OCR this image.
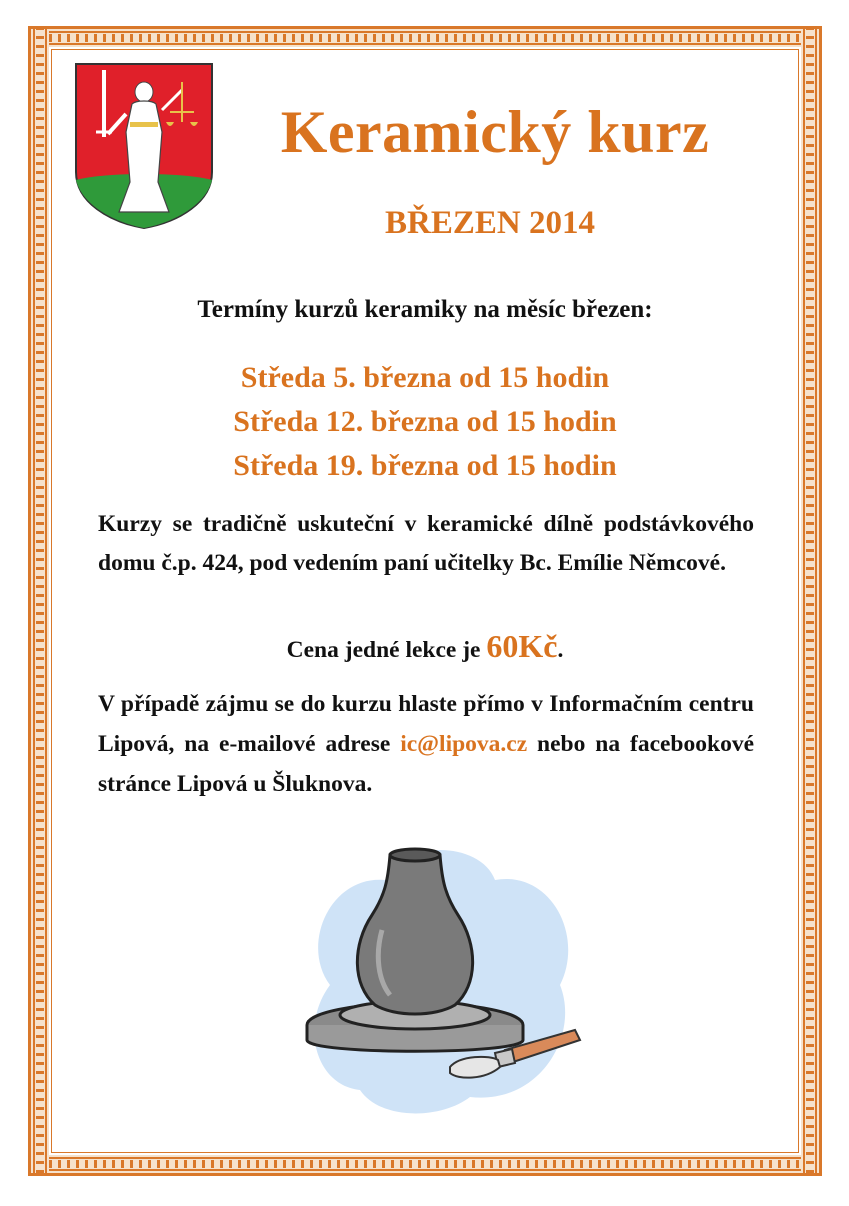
Keramický kurz
BŘEZEN 2014
Termíny kurzů keramiky na měsíc březen:
Středa 5. března od 15 hodin
Středa 12. března od 15 hodin
Středa 19. března od 15 hodin
Kurzy se tradičně uskuteční v keramické dílně podstávkového domu č.p. 424, pod vedením paní učitelky Bc. Emílie Němcové.
Cena jedné lekce je 60Kč.
V případě zájmu se do kurzu hlaste přímo v Informačním centru Lipová, na e-mailové adrese ic@lipova.cz nebo na facebookové stránce Lipová u Šluknova.
